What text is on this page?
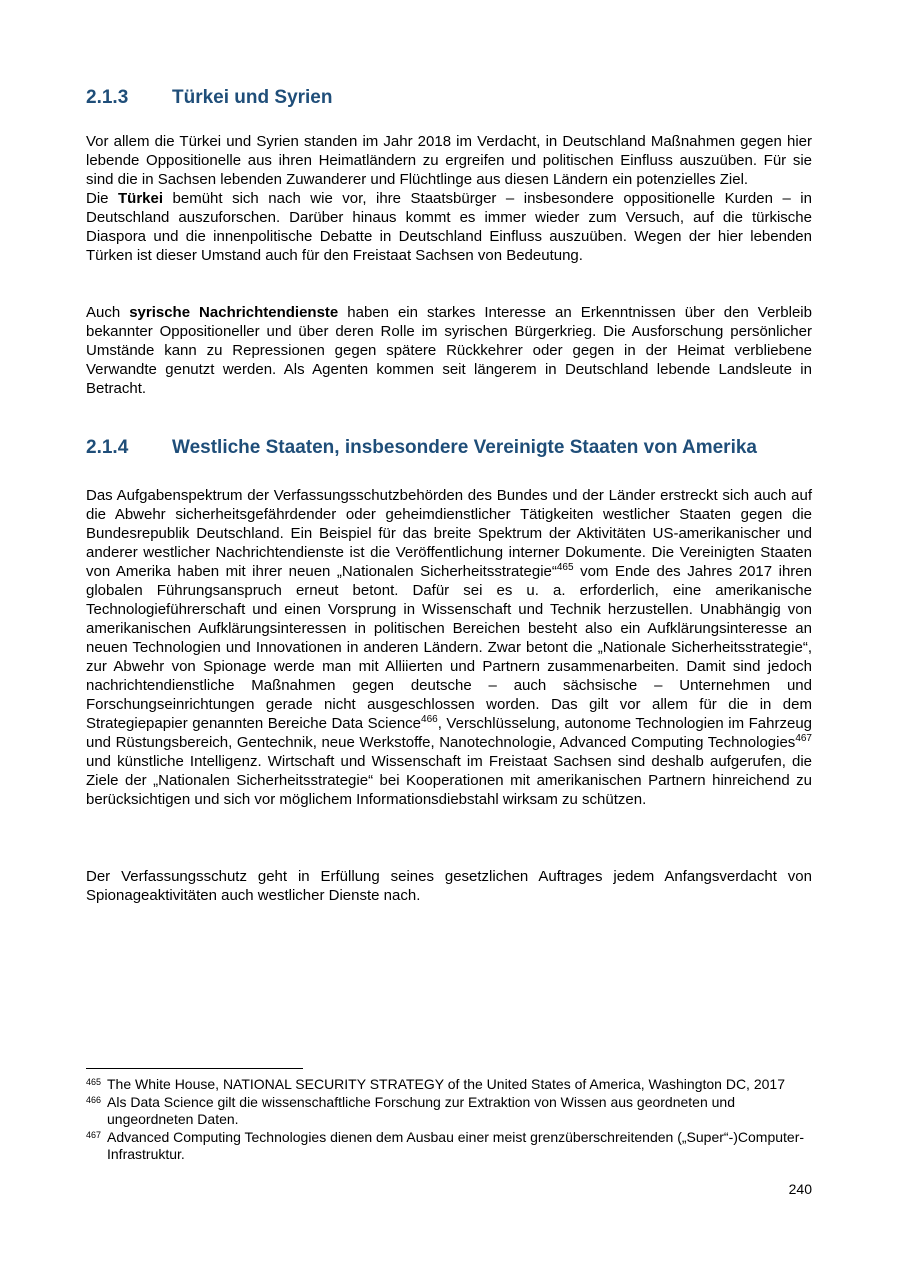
2.1.3 Türkei und Syrien

Vor allem die Türkei und Syrien standen im Jahr 2018 im Verdacht, in Deutschland Maßnahmen gegen hier lebende Oppositionelle aus ihren Heimatländern zu ergreifen und politischen Einfluss auszuüben. Für sie sind die in Sachsen lebenden Zuwanderer und Flüchtlinge aus diesen Ländern ein potenzielles Ziel.

Die Türkei bemüht sich nach wie vor, ihre Staatsbürger – insbesondere oppositionelle Kurden – in Deutschland auszuforschen. Darüber hinaus kommt es immer wieder zum Versuch, auf die türkische Diaspora und die innenpolitische Debatte in Deutschland Einfluss auszuüben. Wegen der hier lebenden Türken ist dieser Umstand auch für den Freistaat Sachsen von Bedeutung.

Auch syrische Nachrichtendienste haben ein starkes Interesse an Erkenntnissen über den Verbleib bekannter Oppositioneller und über deren Rolle im syrischen Bürgerkrieg. Die Ausforschung persönlicher Umstände kann zu Repressionen gegen spätere Rückkehrer oder gegen in der Heimat verbliebene Verwandte genutzt werden. Als Agenten kommen seit längerem in Deutschland lebende Landsleute in Betracht.

2.1.4 Westliche Staaten, insbesondere Vereinigte Staaten von Amerika

Das Aufgabenspektrum der Verfassungsschutzbehörden des Bundes und der Länder erstreckt sich auch auf die Abwehr sicherheitsgefährdender oder geheimdienstlicher Tätigkeiten westlicher Staaten gegen die Bundesrepublik Deutschland. Ein Beispiel für das breite Spektrum der Aktivitäten US-amerikanischer und anderer westlicher Nachrichtendienste ist die Veröffentlichung interner Dokumente. Die Vereinigten Staaten von Amerika haben mit ihrer neuen „Nationalen Sicherheitsstrategie“$^{465}$ vom Ende des Jahres 2017 ihren globalen Führungsanspruch erneut betont. Dafür sei es u. a. erforderlich, eine amerikanische Technologieführerschaft und einen Vorsprung in Wissenschaft und Technik herzustellen. Unabhängig von amerikanischen Aufklärungsinteressen in politischen Bereichen besteht also ein Aufklärungsinteresse an neuen Technologien und Innovationen in anderen Ländern. Zwar betont die „Nationale Sicherheitsstrategie“, zur Abwehr von Spionage werde man mit Alliierten und Partnern zusammenarbeiten. Damit sind jedoch nachrichtendienstliche Maßnahmen gegen deutsche – auch sächsische – Unternehmen und Forschungseinrichtungen gerade nicht ausgeschlossen worden. Das gilt vor allem für die in dem Strategiepapier genannten Bereiche Data Science$^{466}$, Verschlüsselung, autonome Technologien im Fahrzeug und Rüstungsbereich, Gentechnik, neue Werkstoffe, Nanotechnologie, Advanced Computing Technologies$^{467}$ und künstliche Intelligenz. Wirtschaft und Wissenschaft im Freistaat Sachsen sind deshalb aufgerufen, die Ziele der „Nationalen Sicherheitsstrategie“ bei Kooperationen mit amerikanischen Partnern hinreichend zu berücksichtigen und sich vor möglichem Informationsdiebstahl wirksam zu schützen.

Der Verfassungsschutz geht in Erfüllung seines gesetzlichen Auftrages jedem Anfangsverdacht von Spionageaktivitäten auch westlicher Dienste nach.

465 The White House, NATIONAL SECURITY STRATEGY of the United States of America, Washington DC, 2017
466 Als Data Science gilt die wissenschaftliche Forschung zur Extraktion von Wissen aus geordneten und ungeordneten Daten.
467 Advanced Computing Technologies dienen dem Ausbau einer meist grenzüberschreitenden („Super“-)Computer-Infrastruktur.
240
